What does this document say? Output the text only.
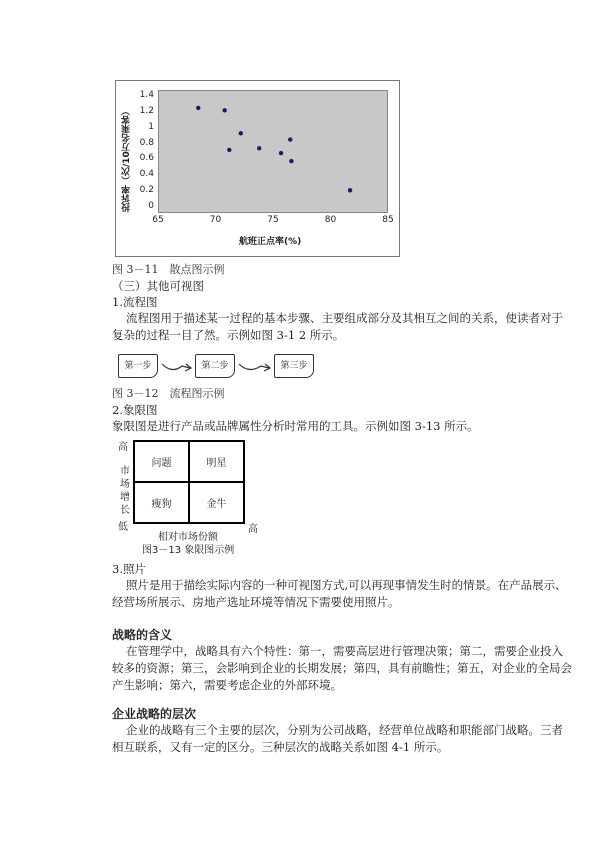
投诉率（次/10万名乘客）	0
0.2
0.4
0.6
0.8
1
1.2
1.4
65	70	75	80	85
航班正点率(%)
图 3－11　散点图示例
（三）其他可视图
1.流程图
流程图用于描述某一过程的基本步骤、主要组成部分及其相互之间的关系，使读者对于
复杂的过程一目了然。示例如图 3-1 2 所示。
第一步	第二步	第三步
图 3－12　流程图示例
2.象限图
象限图是进行产品或品牌属性分析时常用的工具。示例如图 3-13 所示。
高
市
场
增
长
低
问题	明星
瘦狗	金牛
高
相对市场份额
图3－13 象限图示例
3.照片
照片是用于描绘实际内容的一种可视图方式,可以再现事情发生时的情景。在产品展示、
经营场所展示、房地产选址环境等情况下需要使用照片。
战略的含义
在管理学中，战略具有六个特性：第一，需要高层进行管理决策；第二，需要企业投入
较多的资源；第三，会影响到企业的长期发展；第四，具有前瞻性；第五，对企业的全局会
产生影响；第六，需要考虑企业的外部环境。
企业战略的层次
企业的战略有三个主要的层次，分别为公司战略，经营单位战略和职能部门战略。三者
相互联系，又有一定的区分。三种层次的战略关系如图 4-1 所示。
